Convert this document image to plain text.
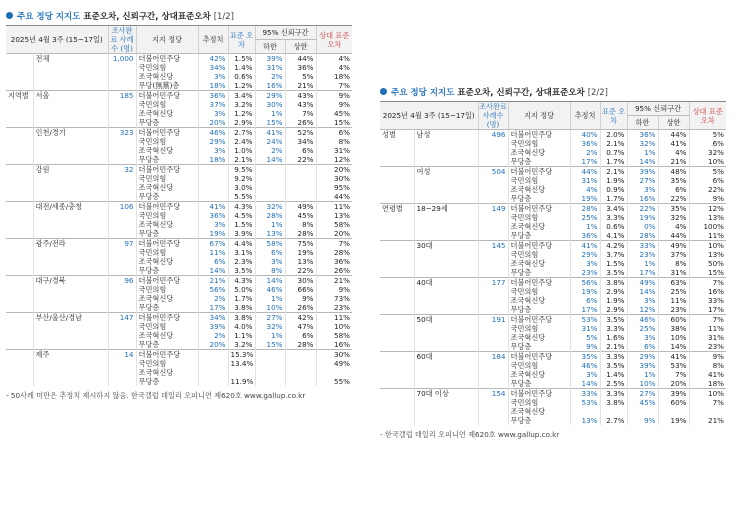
주요 정당 지지도 표준오차, 신뢰구간, 상대표준오차 [1/2]
2025년 4월 3주 (15~17일)		조사완료 사례수 (명)	지지 정당	추정치	표준 오차	95% 신뢰구간		상대 표준 오차
						하한	상한	
	전체	1,000	더불어민주당	42%	1.5%	39%	44%	4%
			국민의힘	34%	1.4%	31%	36%	4%
			조국혁신당	3%	0.6%	2%	5%	18%
			무당(無黨)층	18%	1.2%	16%	21%	7%
지역별	서울	185	더불어민주당	36%	3.4%	29%	43%	9%
			국민의힘	37%	3.2%	30%	43%	9%
			조국혁신당	3%	1.2%	1%	7%	45%
			무당층	20%	2.9%	15%	26%	15%
	인천/경기	323	더불어민주당	46%	2.7%	41%	52%	6%
			국민의힘	29%	2.4%	24%	34%	8%
			조국혁신당	3%	1.0%	2%	6%	31%
			무당층	18%	2.1%	14%	22%	12%
	강원	32	더불어민주당		9.5%			20%
			국민의힘		9.2%			30%
			조국혁신당		3.0%			95%
			무당층		5.5%			44%
	대전/세종/충청	106	더불어민주당	41%	4.3%	32%	49%	11%
			국민의힘	36%	4.5%	28%	45%	13%
			조국혁신당	3%	1.5%	1%	8%	58%
			무당층	19%	3.9%	13%	28%	20%
	광주/전라	97	더불어민주당	67%	4.4%	58%	75%	7%
			국민의힘	11%	3.1%	6%	19%	28%
			조국혁신당	6%	2.3%	3%	13%	36%
			무당층	14%	3.5%	8%	22%	26%
	대구/경북	96	더불어민주당	21%	4.3%	14%	30%	21%
			국민의힘	56%	5.0%	46%	66%	9%
			조국혁신당	2%	1.7%	1%	9%	73%
			무당층	17%	3.8%	10%	26%	23%
	부산/울산/경남	147	더불어민주당	34%	3.8%	27%	42%	11%
			국민의힘	39%	4.0%	32%	47%	10%
			조국혁신당	2%	1.1%	1%	6%	58%
			무당층	20%	3.2%	15%	28%	16%
	제주	14	더불어민주당		15.3%			30%
			국민의힘		13.4%			49%
			조국혁신당					
			무당층		11.9%			55%
- 50사례 미만은 추정치 제시하지 않음. 한국갤럽 데일리 오피니언 제620호 www.gallup.co.kr
주요 정당 지지도 표준오차, 신뢰구간, 상대표준오차 [2/2]
2025년 4월 3주 (15~17일)		조사완료 사례수 (명)	지지 정당	추정치	표준 오차	95% 신뢰구간		상대 표준 오차
						하한	상한	
성별	남성	496	더불어민주당	40%	2.0%	36%	44%	5%
			국민의힘	36%	2.1%	32%	41%	6%
			조국혁신당	2%	0.7%	1%	4%	32%
			무당층	17%	1.7%	14%	21%	10%
	여성	504	더불어민주당	44%	2.1%	39%	48%	5%
			국민의힘	31%	1.9%	27%	35%	6%
			조국혁신당	4%	0.9%	3%	6%	22%
			무당층	19%	1.7%	16%	22%	9%
연령별	18~29세	149	더불어민주당	28%	3.4%	22%	35%	12%
			국민의힘	25%	3.3%	19%	32%	13%
			조국혁신당	1%	0.6%	0%	4%	100%
			무당층	36%	4.1%	28%	44%	11%
	30대	145	더불어민주당	41%	4.2%	33%	49%	10%
			국민의힘	29%	3.7%	23%	37%	13%
			조국혁신당	3%	1.5%	1%	8%	50%
			무당층	23%	3.5%	17%	31%	15%
	40대	177	더불어민주당	56%	3.8%	49%	63%	7%
			국민의힘	19%	2.9%	14%	25%	16%
			조국혁신당	6%	1.9%	3%	11%	33%
			무당층	17%	2.9%	12%	23%	17%
	50대	191	더불어민주당	53%	3.5%	46%	60%	7%
			국민의힘	31%	3.3%	25%	38%	11%
			조국혁신당	5%	1.6%	3%	10%	31%
			무당층	9%	2.1%	6%	14%	23%
	60대	184	더불어민주당	35%	3.3%	29%	41%	9%
			국민의힘	46%	3.5%	39%	53%	8%
			조국혁신당	3%	1.4%	1%	7%	41%
			무당층	14%	2.5%	10%	20%	18%
	70대 이상	154	더불어민주당	33%	3.3%	27%	39%	10%
			국민의힘	53%	3.8%	45%	60%	7%
			조국혁신당					
			무당층	13%	2.7%	9%	19%	21%
- 한국갤럽 데일리 오피니언 제620호 www.gallup.co.kr
